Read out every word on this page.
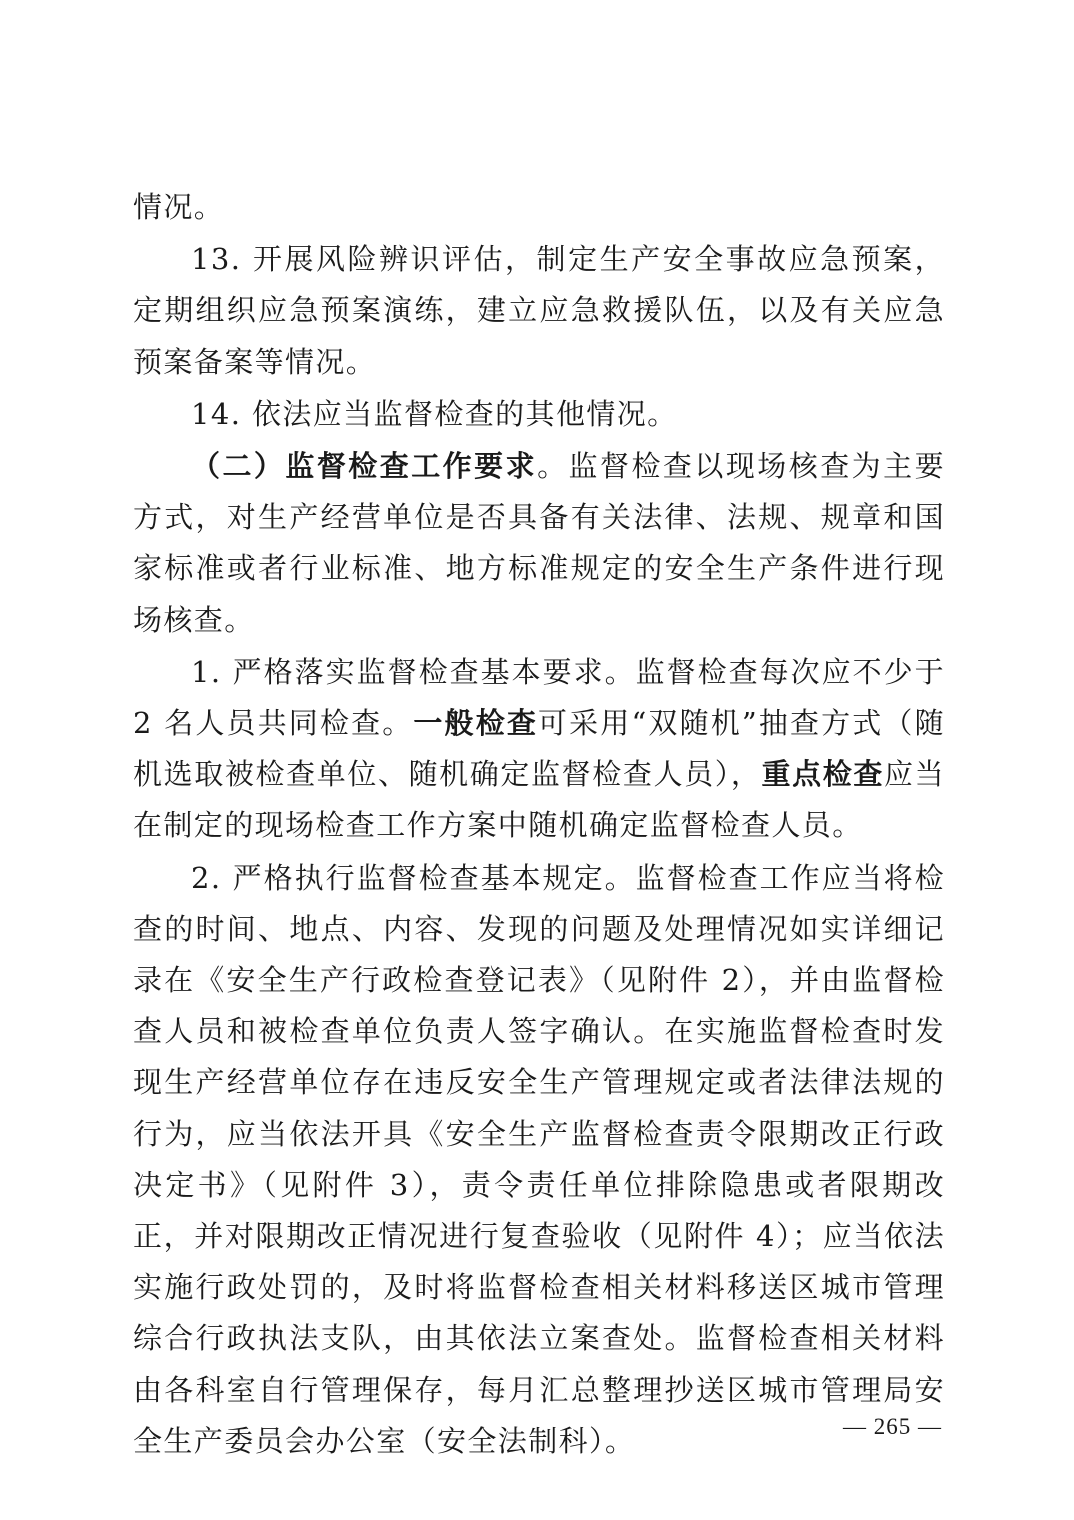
情况。

13. 开展风险辨识评估，制定生产安全事故应急预案，定期组织应急预案演练，建立应急救援队伍，以及有关应急预案备案等情况。

14. 依法应当监督检查的其他情况。

（二）监督检查工作要求。监督检查以现场核查为主要方式，对生产经营单位是否具备有关法律、法规、规章和国家标准或者行业标准、地方标准规定的安全生产条件进行现场核查。

1. 严格落实监督检查基本要求。监督检查每次应不少于 2 名人员共同检查。一般检查可采用“双随机”抽查方式（随机选取被检查单位、随机确定监督检查人员），重点检查应当在制定的现场检查工作方案中随机确定监督检查人员。

2. 严格执行监督检查基本规定。监督检查工作应当将检查的时间、地点、内容、发现的问题及处理情况如实详细记录在《安全生产行政检查登记表》（见附件 2），并由监督检查人员和被检查单位负责人签字确认。在实施监督检查时发现生产经营单位存在违反安全生产管理规定或者法律法规的行为，应当依法开具《安全生产监督检查责令限期改正行政决定书》（见附件 3），责令责任单位排除隐患或者限期改正，并对限期改正情况进行复查验收（见附件 4）；应当依法实施行政处罚的，及时将监督检查相关材料移送区城市管理综合行政执法支队，由其依法立案查处。监督检查相关材料由各科室自行管理保存，每月汇总整理抄送区城市管理局安全生产委员会办公室（安全法制科）。	— 265 —
